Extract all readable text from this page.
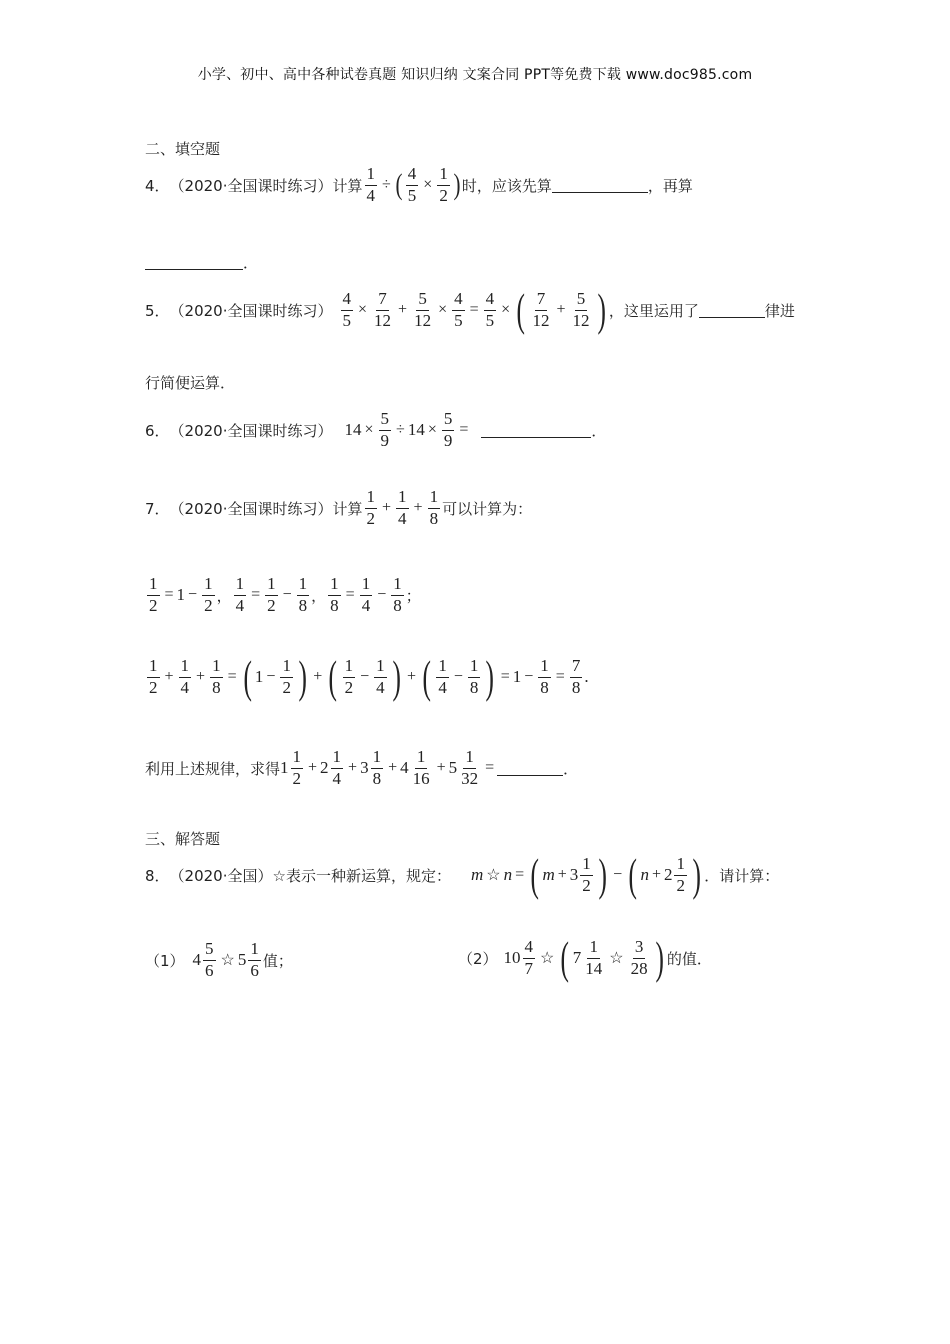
小学、初中、高中各种试卷真题 知识归纳 文案合同 PPT等免费下载 www.doc985.com
二、填空题
4． （2020·全国课时练习） 计算 $\frac{1}{4}$ ÷ ( $\frac{4}{5} \times \frac{1}{2}$ ) 时，应该先算	，再算
．
5． （2020·全国课时练习） $\frac{4}{5} \times \frac{7}{12} + \frac{5}{12} \times \frac{4}{5} = \frac{4}{5}$ × ( $\frac{7}{12} + \frac{5}{12}$ ) ，这里运用了	律进
行简便运算．
6． （2020·全国课时练习） $14 \times \frac{5}{9} \div 14 \times \frac{5}{9}$ =	．
7． （2020·全国课时练习） 计算 $\frac{1}{2} + \frac{1}{4} + \frac{1}{8}$ 可以计算为：
$\frac{1}{2} = 1 - \frac{1}{2}$ ， $\frac{1}{4} = \frac{1}{2} - \frac{1}{8}$ ， $\frac{1}{8} = \frac{1}{4} - \frac{1}{8}$ ；
$\frac{1}{2} + \frac{1}{4} + \frac{1}{8}$ = ( $1 - \frac{1}{2}$ ) + ( $\frac{1}{2} - \frac{1}{4}$ ) + ( $\frac{1}{4} - \frac{1}{8}$ ) = $1 - \frac{1}{8} = \frac{7}{8}$ .
利用上述规律，求得 $1 \frac{1}{2} + 2 \frac{1}{4} + 3 \frac{1}{8} + 4 \frac{1}{16} + 5 \frac{1}{32}$ =	．
三、解答题
8． （2020·全国） ☆表示一种新运算，规定： m ☆ n = ( $m + 3 \frac{1}{2}$ ) − ( $n + 2 \frac{1}{2}$ ) ．请计算：
（1） $4 \frac{5}{6}$ ☆ $5 \frac{1}{6}$ 值；	（2） $10 \frac{4}{7}$ ☆ ( $7 \frac{1}{14}$ ☆ $\frac{3}{28}$ ) 的值．
